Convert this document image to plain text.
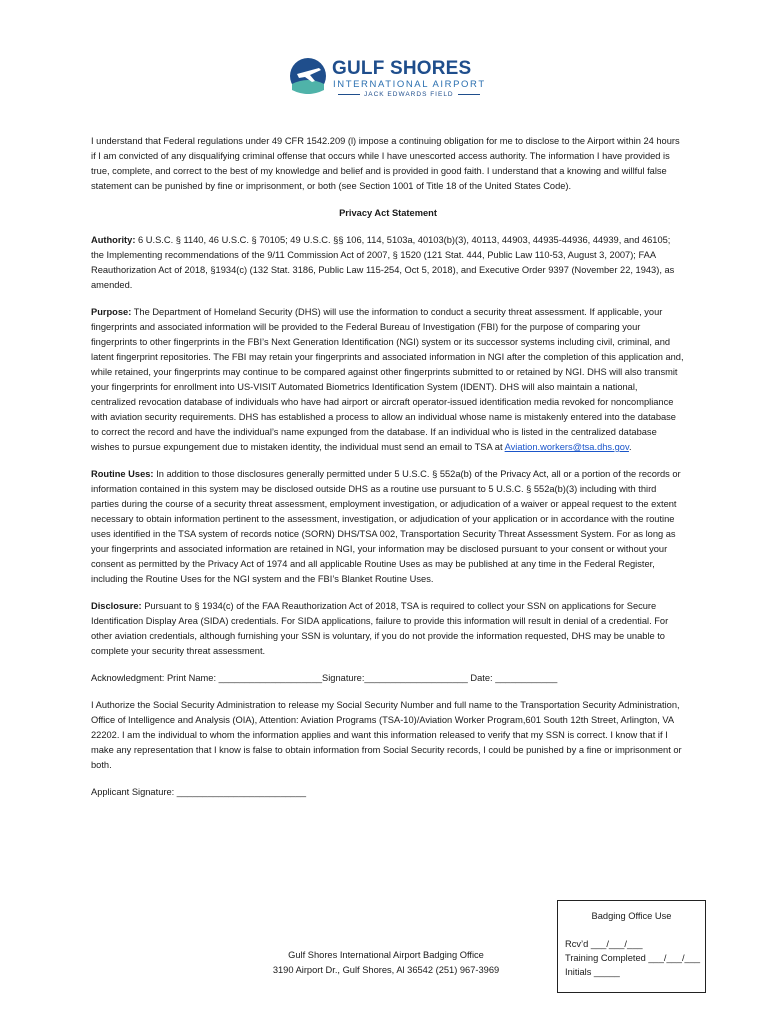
GULF SHORES
INTERNATIONAL AIRPORT
JACK EDWARDS FIELD

I understand that Federal regulations under 49 CFR 1542.209 (l) impose a continuing obligation for me to disclose to the Airport within 24 hours if I am convicted of any disqualifying criminal offense that occurs while I have unescorted access authority. The information I have provided is true, complete, and correct to the best of my knowledge and belief and is provided in good faith. I understand that a knowing and willful false statement can be punished by fine or imprisonment, or both (see Section 1001 of Title 18 of the United States Code).

Privacy Act Statement

Authority: 6 U.S.C. § 1140, 46 U.S.C. § 70105; 49 U.S.C. §§ 106, 114, 5103a, 40103(b)(3), 40113, 44903, 44935-44936, 44939, and 46105; the Implementing recommendations of the 9/11 Commission Act of 2007, § 1520 (121 Stat. 444, Public Law 110-53, August 3, 2007); FAA Reauthorization Act of 2018, §1934(c) (132 Stat. 3186, Public Law 115-254, Oct 5, 2018), and Executive Order 9397 (November 22, 1943), as amended.

Purpose: The Department of Homeland Security (DHS) will use the information to conduct a security threat assessment. If applicable, your fingerprints and associated information will be provided to the Federal Bureau of Investigation (FBI) for the purpose of comparing your fingerprints to other fingerprints in the FBI’s Next Generation Identification (NGI) system or its successor systems including civil, criminal, and latent fingerprint repositories. The FBI may retain your fingerprints and associated information in NGI after the completion of this application and, while retained, your fingerprints may continue to be compared against other fingerprints submitted to or retained by NGI. DHS will also transmit your fingerprints for enrollment into US-VISIT Automated Biometrics Identification System (IDENT). DHS will also maintain a national, centralized revocation database of individuals who have had airport or aircraft operator-issued identification media revoked for noncompliance with aviation security requirements. DHS has established a process to allow an individual whose name is mistakenly entered into the database to correct the record and have the individual’s name expunged from the database. If an individual who is listed in the centralized database wishes to pursue expungement due to mistaken identity, the individual must send an email to TSA at Aviation.workers@tsa.dhs.gov.

Routine Uses: In addition to those disclosures generally permitted under 5 U.S.C. § 552a(b) of the Privacy Act, all or a portion of the records or information contained in this system may be disclosed outside DHS as a routine use pursuant to 5 U.S.C. § 552a(b)(3) including with third parties during the course of a security threat assessment, employment investigation, or adjudication of a waiver or appeal request to the extent necessary to obtain information pertinent to the assessment, investigation, or adjudication of your application or in accordance with the routine uses identified in the TSA system of records notice (SORN) DHS/TSA 002, Transportation Security Threat Assessment System. For as long as your fingerprints and associated information are retained in NGI, your information may be disclosed pursuant to your consent or without your consent as permitted by the Privacy Act of 1974 and all applicable Routine Uses as may be published at any time in the Federal Register, including the Routine Uses for the NGI system and the FBI’s Blanket Routine Uses.

Disclosure: Pursuant to § 1934(c) of the FAA Reauthorization Act of 2018, TSA is required to collect your SSN on applications for Secure Identification Display Area (SIDA) credentials. For SIDA applications, failure to provide this information will result in denial of a credential. For other aviation credentials, although furnishing your SSN is voluntary, if you do not provide the information requested, DHS may be unable to complete your security threat assessment.

Acknowledgment: Print Name: ____________________Signature:____________________ Date: ____________

I Authorize the Social Security Administration to release my Social Security Number and full name to the Transportation Security Administration, Office of Intelligence and Analysis (OIA), Attention: Aviation Programs (TSA-10)/Aviation Worker Program,601 South 12th Street, Arlington, VA 22202. I am the individual to whom the information applies and want this information released to verify that my SSN is correct. I know that if I make any representation that I know is false to obtain information from Social Security records, I could be punished by a fine or imprisonment or both.

Applicant Signature: _________________________

Gulf Shores International Airport Badging Office
3190 Airport Dr., Gulf Shores, Al 36542 (251) 967-3969
Badging Office Use
Rcv’d ___/___/___
Training Completed ___/___/___
Initials _____
